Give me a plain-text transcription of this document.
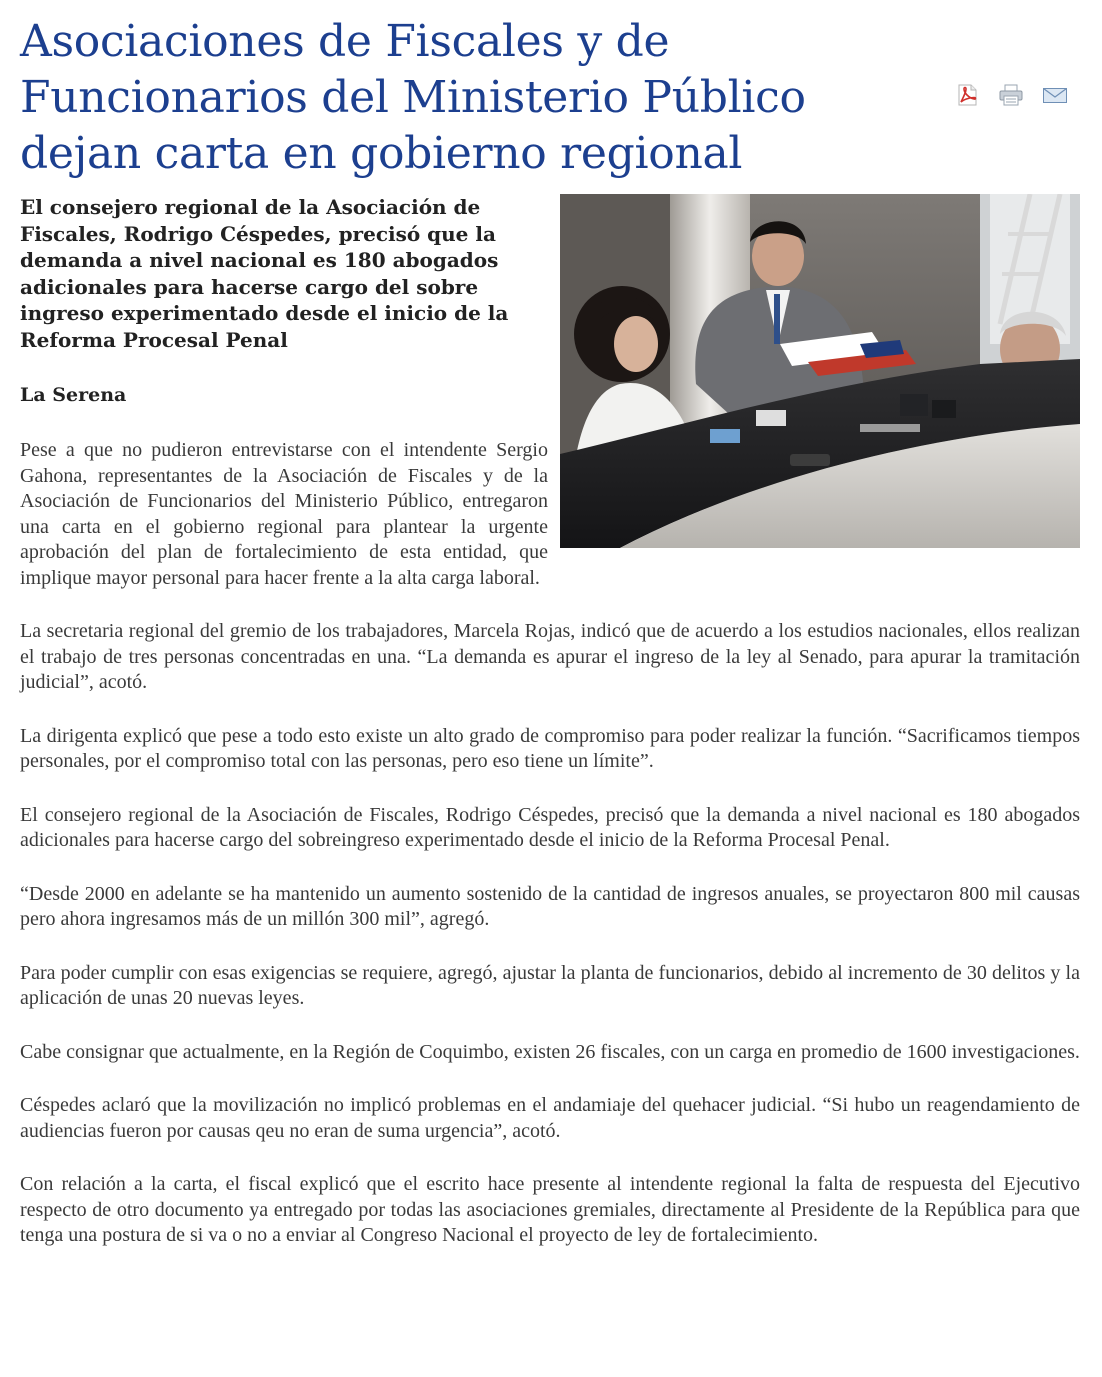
Asociaciones de Fiscales y de Funcionarios del Ministerio Público dejan carta en gobierno regional

El consejero regional de la Asociación de Fiscales, Rodrigo Céspedes, precisó que la demanda a nivel nacional es 180 abogados adicionales para hacerse cargo del sobre ingreso experimentado desde el inicio de la Reforma Procesal Penal

La Serena

Pese a que no pudieron entrevistarse con el intendente Sergio Gahona, representantes de la Asociación de Fiscales y de la Asociación de Funcionarios del Ministerio Público, entregaron una carta en el gobierno regional para plantear la urgente aprobación del plan de fortalecimiento de esta entidad, que implique mayor personal para hacer frente a la alta carga laboral.

La secretaria regional del gremio de los trabajadores, Marcela Rojas, indicó que de acuerdo a los estudios nacionales, ellos realizan el trabajo de tres personas concentradas en una. “La demanda es apurar el ingreso de la ley al Senado, para apurar la tramitación judicial”, acotó.

La dirigenta explicó que pese a todo esto existe un alto grado de compromiso para poder realizar la función. “Sacrificamos tiempos personales, por el compromiso total con las personas, pero eso tiene un límite”.

El consejero regional de la Asociación de Fiscales, Rodrigo Céspedes, precisó que la demanda a nivel nacional es 180 abogados adicionales para hacerse cargo del sobreingreso experimentado desde el inicio de la Reforma Procesal Penal.

“Desde 2000 en adelante se ha mantenido un aumento sostenido de la cantidad de ingresos anuales, se proyectaron 800 mil causas pero ahora ingresamos más de un millón 300 mil”, agregó.

Para poder cumplir con esas exigencias se requiere, agregó, ajustar la planta de funcionarios, debido al incremento de 30 delitos y la aplicación de unas 20 nuevas leyes.

Cabe consignar que actualmente, en la Región de Coquimbo, existen 26 fiscales, con un carga en promedio de 1600 investigaciones.

Céspedes aclaró que la movilización no implicó problemas en el andamiaje del quehacer judicial. “Si hubo un reagendamiento de audiencias fueron por causas qeu no eran de suma urgencia”, acotó.

Con relación a la carta, el fiscal explicó que el escrito hace presente al intendente regional la falta de respuesta del Ejecutivo respecto de otro documento ya entregado por todas las asociaciones gremiales, directamente al Presidente de la República para que tenga una postura de si va o no a enviar al Congreso Nacional el proyecto de ley de fortalecimiento.
